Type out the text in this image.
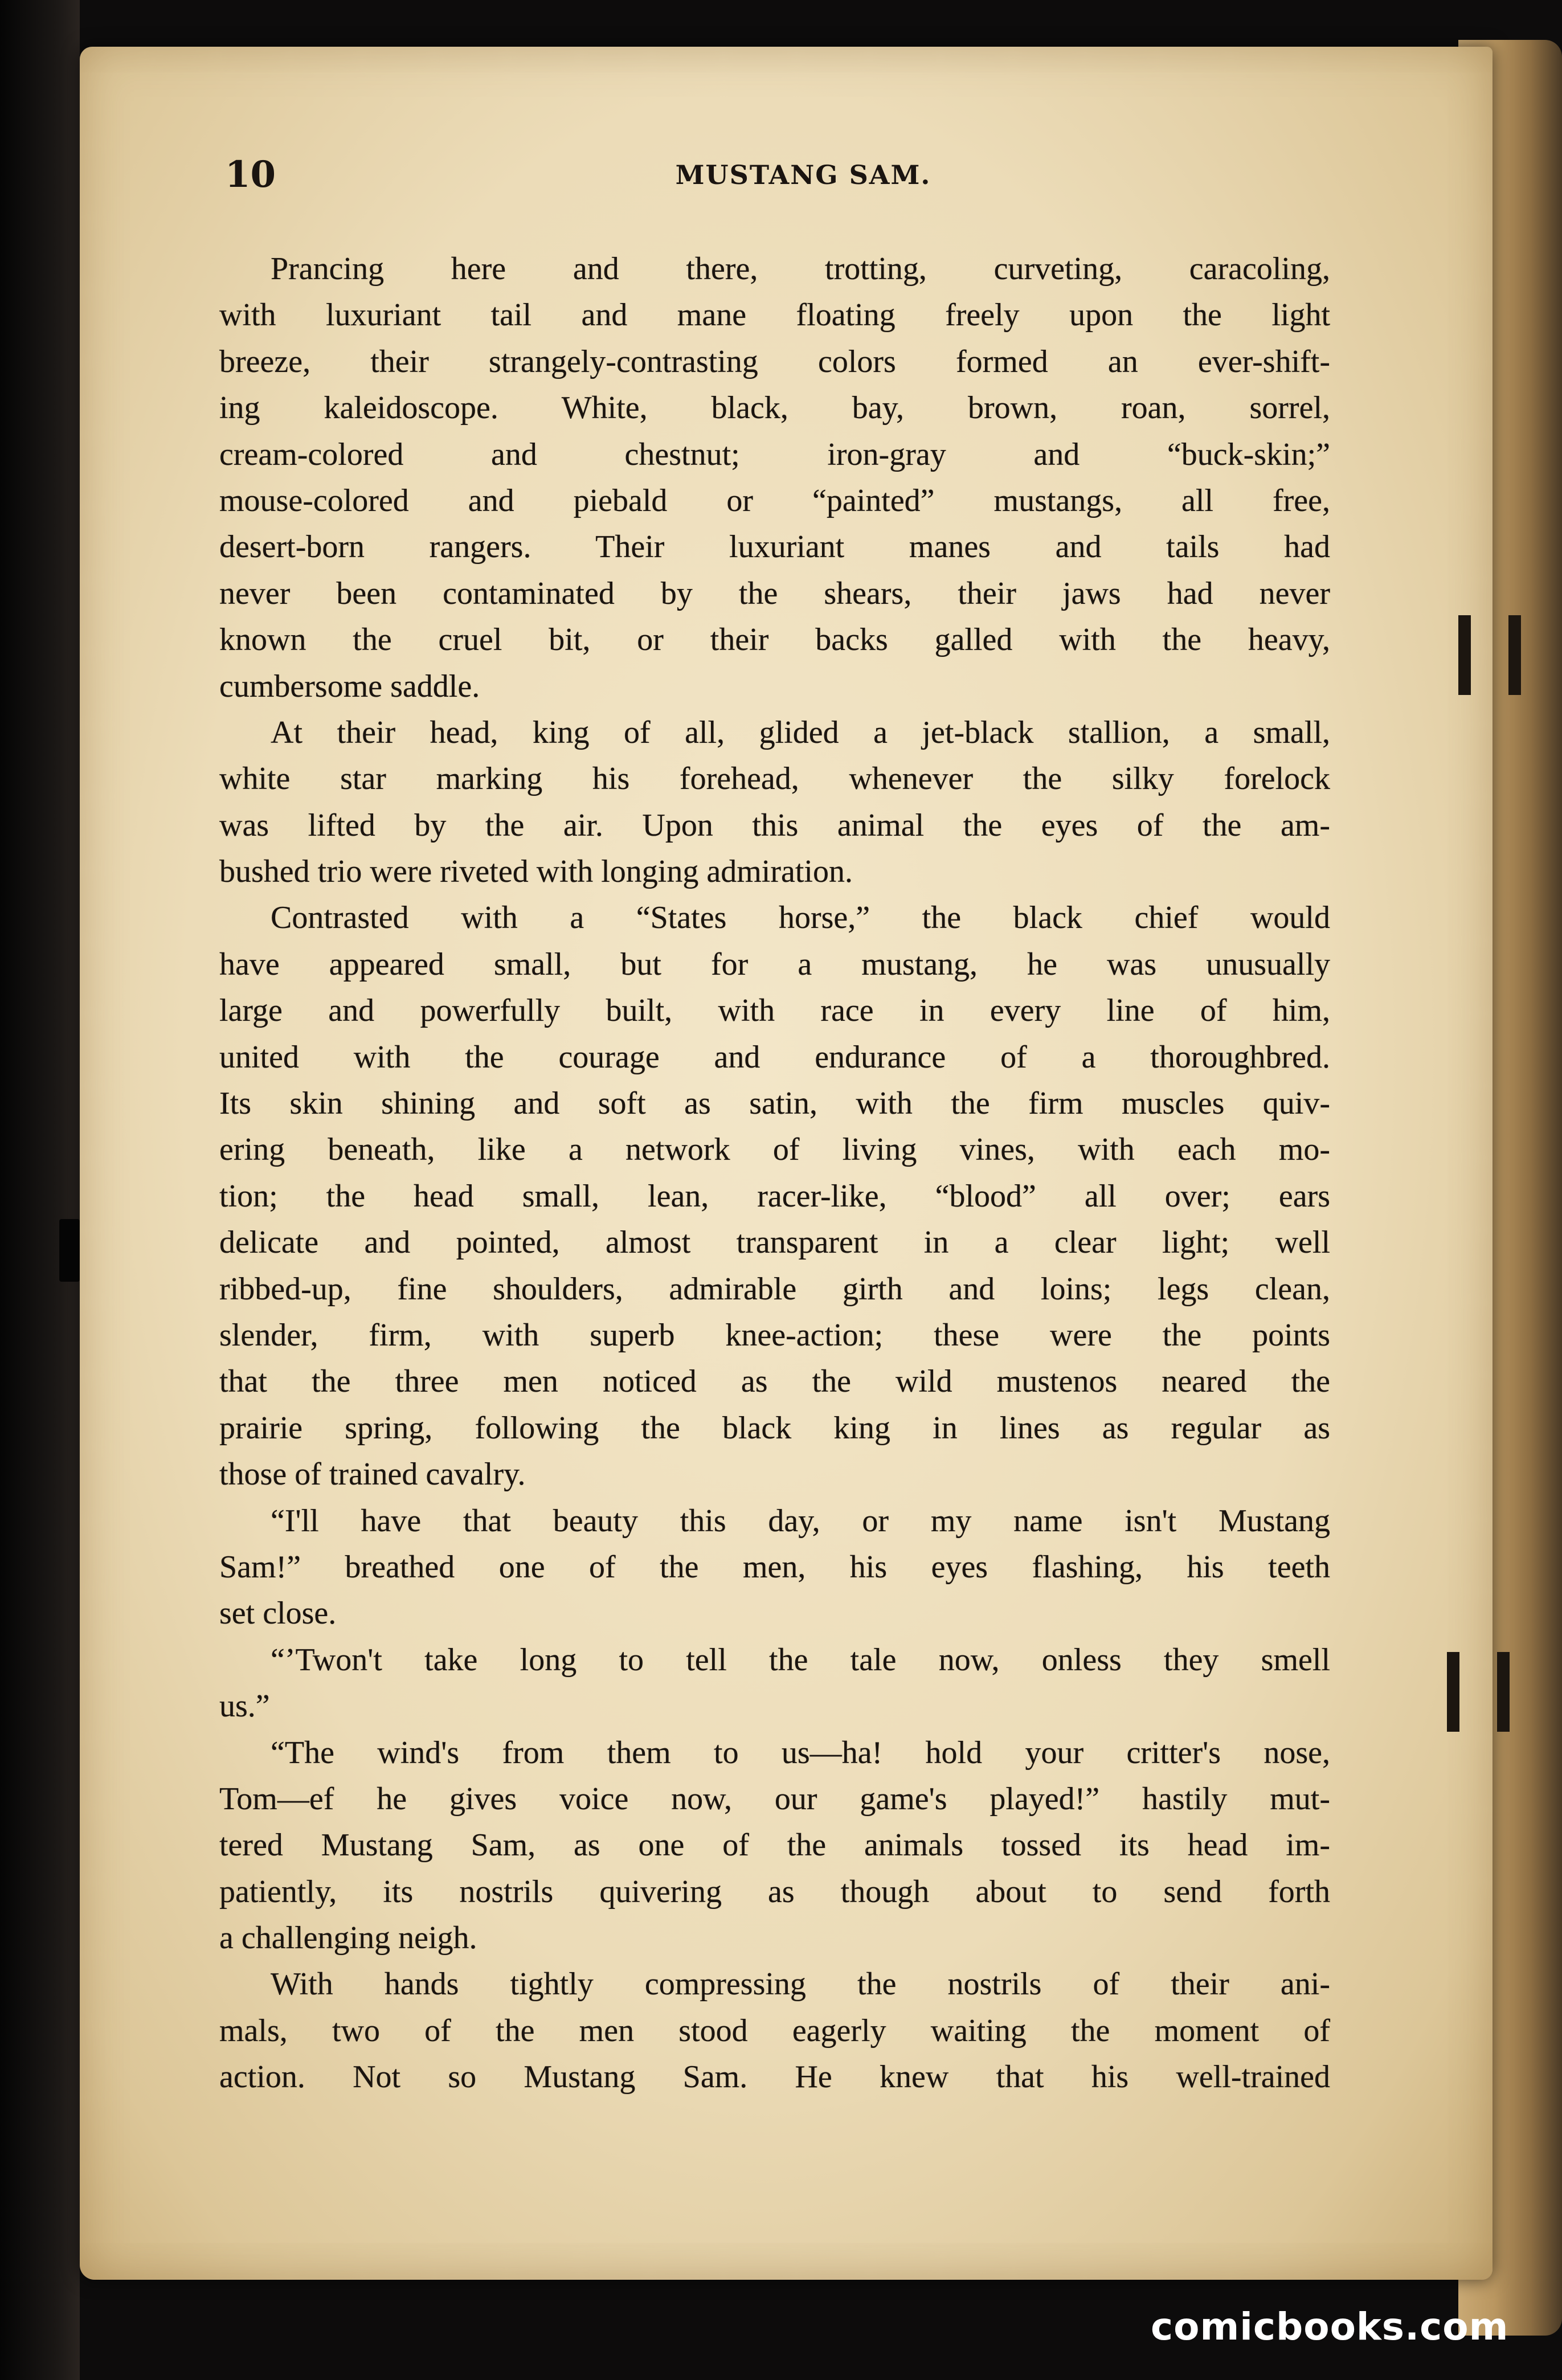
10	MUSTANG SAM.
Prancing here and there, trotting, curveting, caracoling,
with luxuriant tail and mane floating freely upon the light
breeze, their strangely-contrasting colors formed an ever-shift-
ing kaleidoscope. White, black, bay, brown, roan, sorrel,
cream-colored and chestnut; iron-gray and “buck-skin;”
mouse-colored and piebald or “painted” mustangs, all free,
desert-born rangers. Their luxuriant manes and tails had
never been contaminated by the shears, their jaws had never
known the cruel bit, or their backs galled with the heavy,
cumbersome saddle.
At their head, king of all, glided a jet-black stallion, a small,
white star marking his forehead, whenever the silky forelock
was lifted by the air. Upon this animal the eyes of the am-
bushed trio were riveted with longing admiration.
Contrasted with a “States horse,” the black chief would
have appeared small, but for a mustang, he was unusually
large and powerfully built, with race in every line of him,
united with the courage and endurance of a thoroughbred.
Its skin shining and soft as satin, with the firm muscles quiv-
ering beneath, like a network of living vines, with each mo-
tion; the head small, lean, racer-like, “blood” all over; ears
delicate and pointed, almost transparent in a clear light; well
ribbed-up, fine shoulders, admirable girth and loins; legs clean,
slender, firm, with superb knee-action; these were the points
that the three men noticed as the wild mustenos neared the
prairie spring, following the black king in lines as regular as
those of trained cavalry.
“I'll have that beauty this day, or my name isn't Mustang
Sam!” breathed one of the men, his eyes flashing, his teeth
set close.
“’Twon't take long to tell the tale now, onless they smell
us.”
“The wind's from them to us—ha! hold your critter's nose,
Tom—ef he gives voice now, our game's played!” hastily mut-
tered Mustang Sam, as one of the animals tossed its head im-
patiently, its nostrils quivering as though about to send forth
a challenging neigh.
With hands tightly compressing the nostrils of their ani-
mals, two of the men stood eagerly waiting the moment of
action. Not so Mustang Sam. He knew that his well-trained
comicbooks.com
